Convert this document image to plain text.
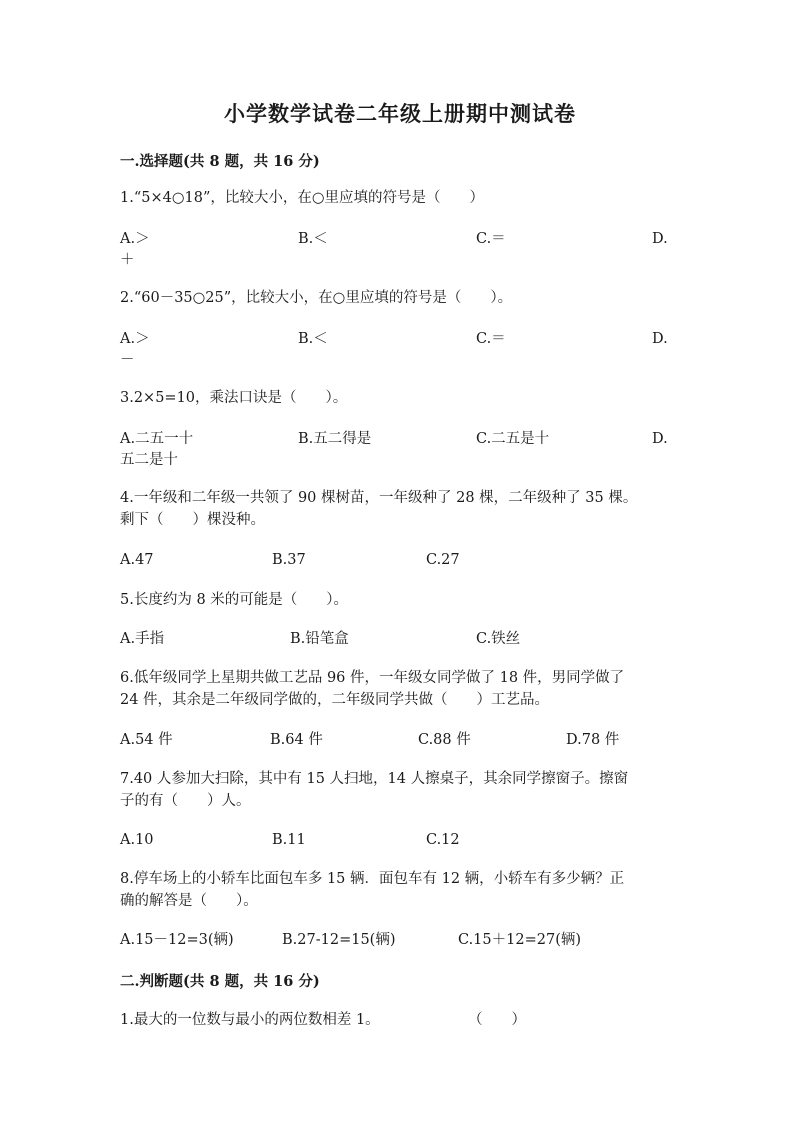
小学数学试卷二年级上册期中测试卷
一.选择题(共 8 题，共 16 分)
1.“5×4○18”，比较大小，在○里应填的符号是（　　）
A.＞	B.＜	C.＝	D.
＋
2.“60－35○25”，比较大小，在○里应填的符号是（　　）。
A.＞	B.＜	C.＝	D.
－
3.2×5=10，乘法口诀是（　　）。
A.二五一十	B.五二得是	C.二五是十	D.
五二是十
4.一年级和二年级一共领了 90 棵树苗，一年级种了 28 棵，二年级种了 35 棵。
剩下（　　）棵没种。
A.47	B.37	C.27
5.长度约为 8 米的可能是（　　）。
A.手指	B.铅笔盒	C.铁丝
6.低年级同学上星期共做工艺品 96 件，一年级女同学做了 18 件，男同学做了
24 件，其余是二年级同学做的，二年级同学共做（　　）工艺品。
A.54 件	B.64 件	C.88 件	D.78 件
7.40 人参加大扫除，其中有 15 人扫地，14 人擦桌子，其余同学擦窗子。擦窗
子的有（　　）人。
A.10	B.11	C.12
8.停车场上的小轿车比面包车多 15 辆．面包车有 12 辆，小轿车有多少辆？正
确的解答是（　　）。
A.15－12=3(辆)	B.27-12=15(辆)	C.15＋12=27(辆)
二.判断题(共 8 题，共 16 分)
1.最大的一位数与最小的两位数相差 1。	（　　）
